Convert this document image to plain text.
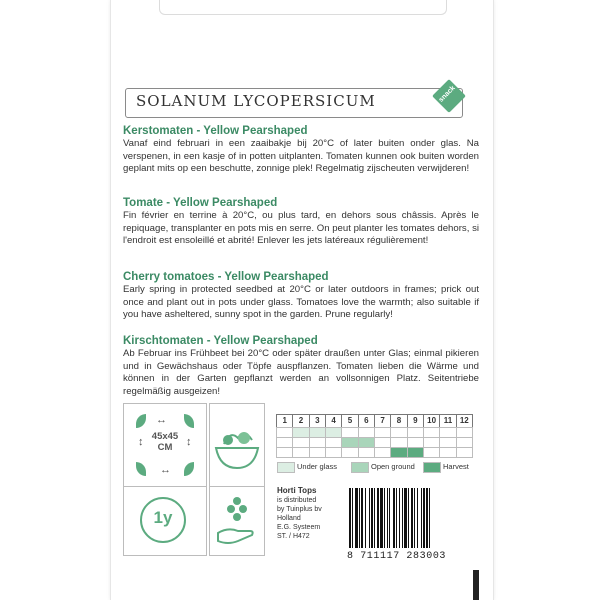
SOLANUM LYCOPERSICUM	snack
Kerstomaten - Yellow Pearshaped

Vanaf eind februari in een zaaibakje bij 20°C of later buiten onder glas. Na verspenen, in een kasje of in potten uitplanten. Tomaten kunnen ook buiten worden geplant mits op een beschutte, zonnige plek! Regelmatig zijscheuten verwijderen!

Tomate - Yellow Pearshaped

Fin février en terrine à 20°C, ou plus tard, en dehors sous châssis. Après le repiquage, transplanter en pots mis en serre. On peut planter les tomates dehors, si l'endroit est ensoleillé et abrité! Enlever les jets latéreaux régulièrement!

Cherry tomatoes - Yellow Pearshaped

Early spring in protected seedbed at 20°C or later outdoors in frames; prick out once and plant out in pots under glass. Tomatoes love the warmth; also suitable if you have asheltered, sunny spot in the garden. Prune regularly!

Kirschtomaten - Yellow Pearshaped

Ab Februar ins Frühbeet bei 20°C oder später draußen unter Glas; einmal pikieren und in Gewächshaus oder Töpfe auspflanzen. Tomaten lieben die Wärme und können in der Garten gepflanzt werden an vollsonnigen Platz. Seitentriebe regelmäßig ausgeizen!

↔
↔
↕	↕
45x45
CM
1y
1	2	3	4	5	6	7	8	9	10 11 12
Under glass	Open ground	Harvest
Horti Tops
is distributed
by Tuinplus bv
Holland
E.G. Systeem
ST. / H472
8 711117 283003
